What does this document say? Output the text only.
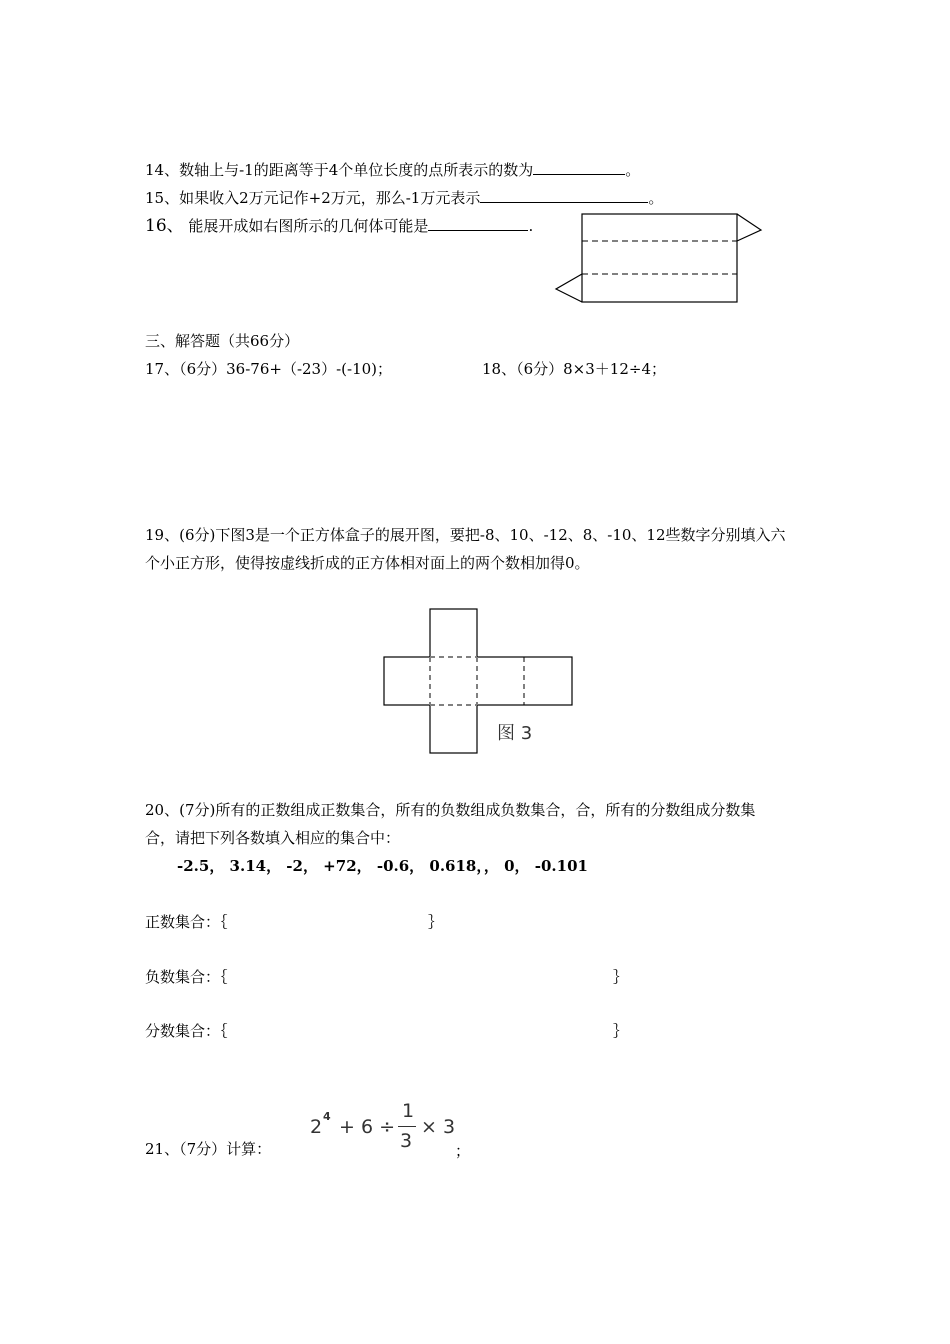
14、数轴上与-1的距离等于4个单位长度的点所表示的数为	。
15、如果收入2万元记作+2万元，那么-1万元表示	。
16、 能展开成如右图所示的几何体可能是	.
三、解答题（共66分）
17、（6分）36-76+（-23）-(-10)；	18、（6分）8×3＋12÷4；
19、(6分)下图3是一个正方体盒子的展开图，要把-8、10、-12、8、-10、12些数字分别填入六
个小正方形，使得按虚线折成的正方体相对面上的两个数相加得0。
图 3
20、(7分)所有的正数组成正数集合，所有的负数组成负数集合，合，所有的分数组成分数集
合，请把下列各数填入相应的集合中：
-2.5， 3.14， -2， +72， -0.6， 0.618，， 0， -0.101
正数集合：｛	｝
负数集合：｛	｝
分数集合：｛	｝
21、（7分）计算：
2 4 + 6 ÷
1
3
× 3
；
